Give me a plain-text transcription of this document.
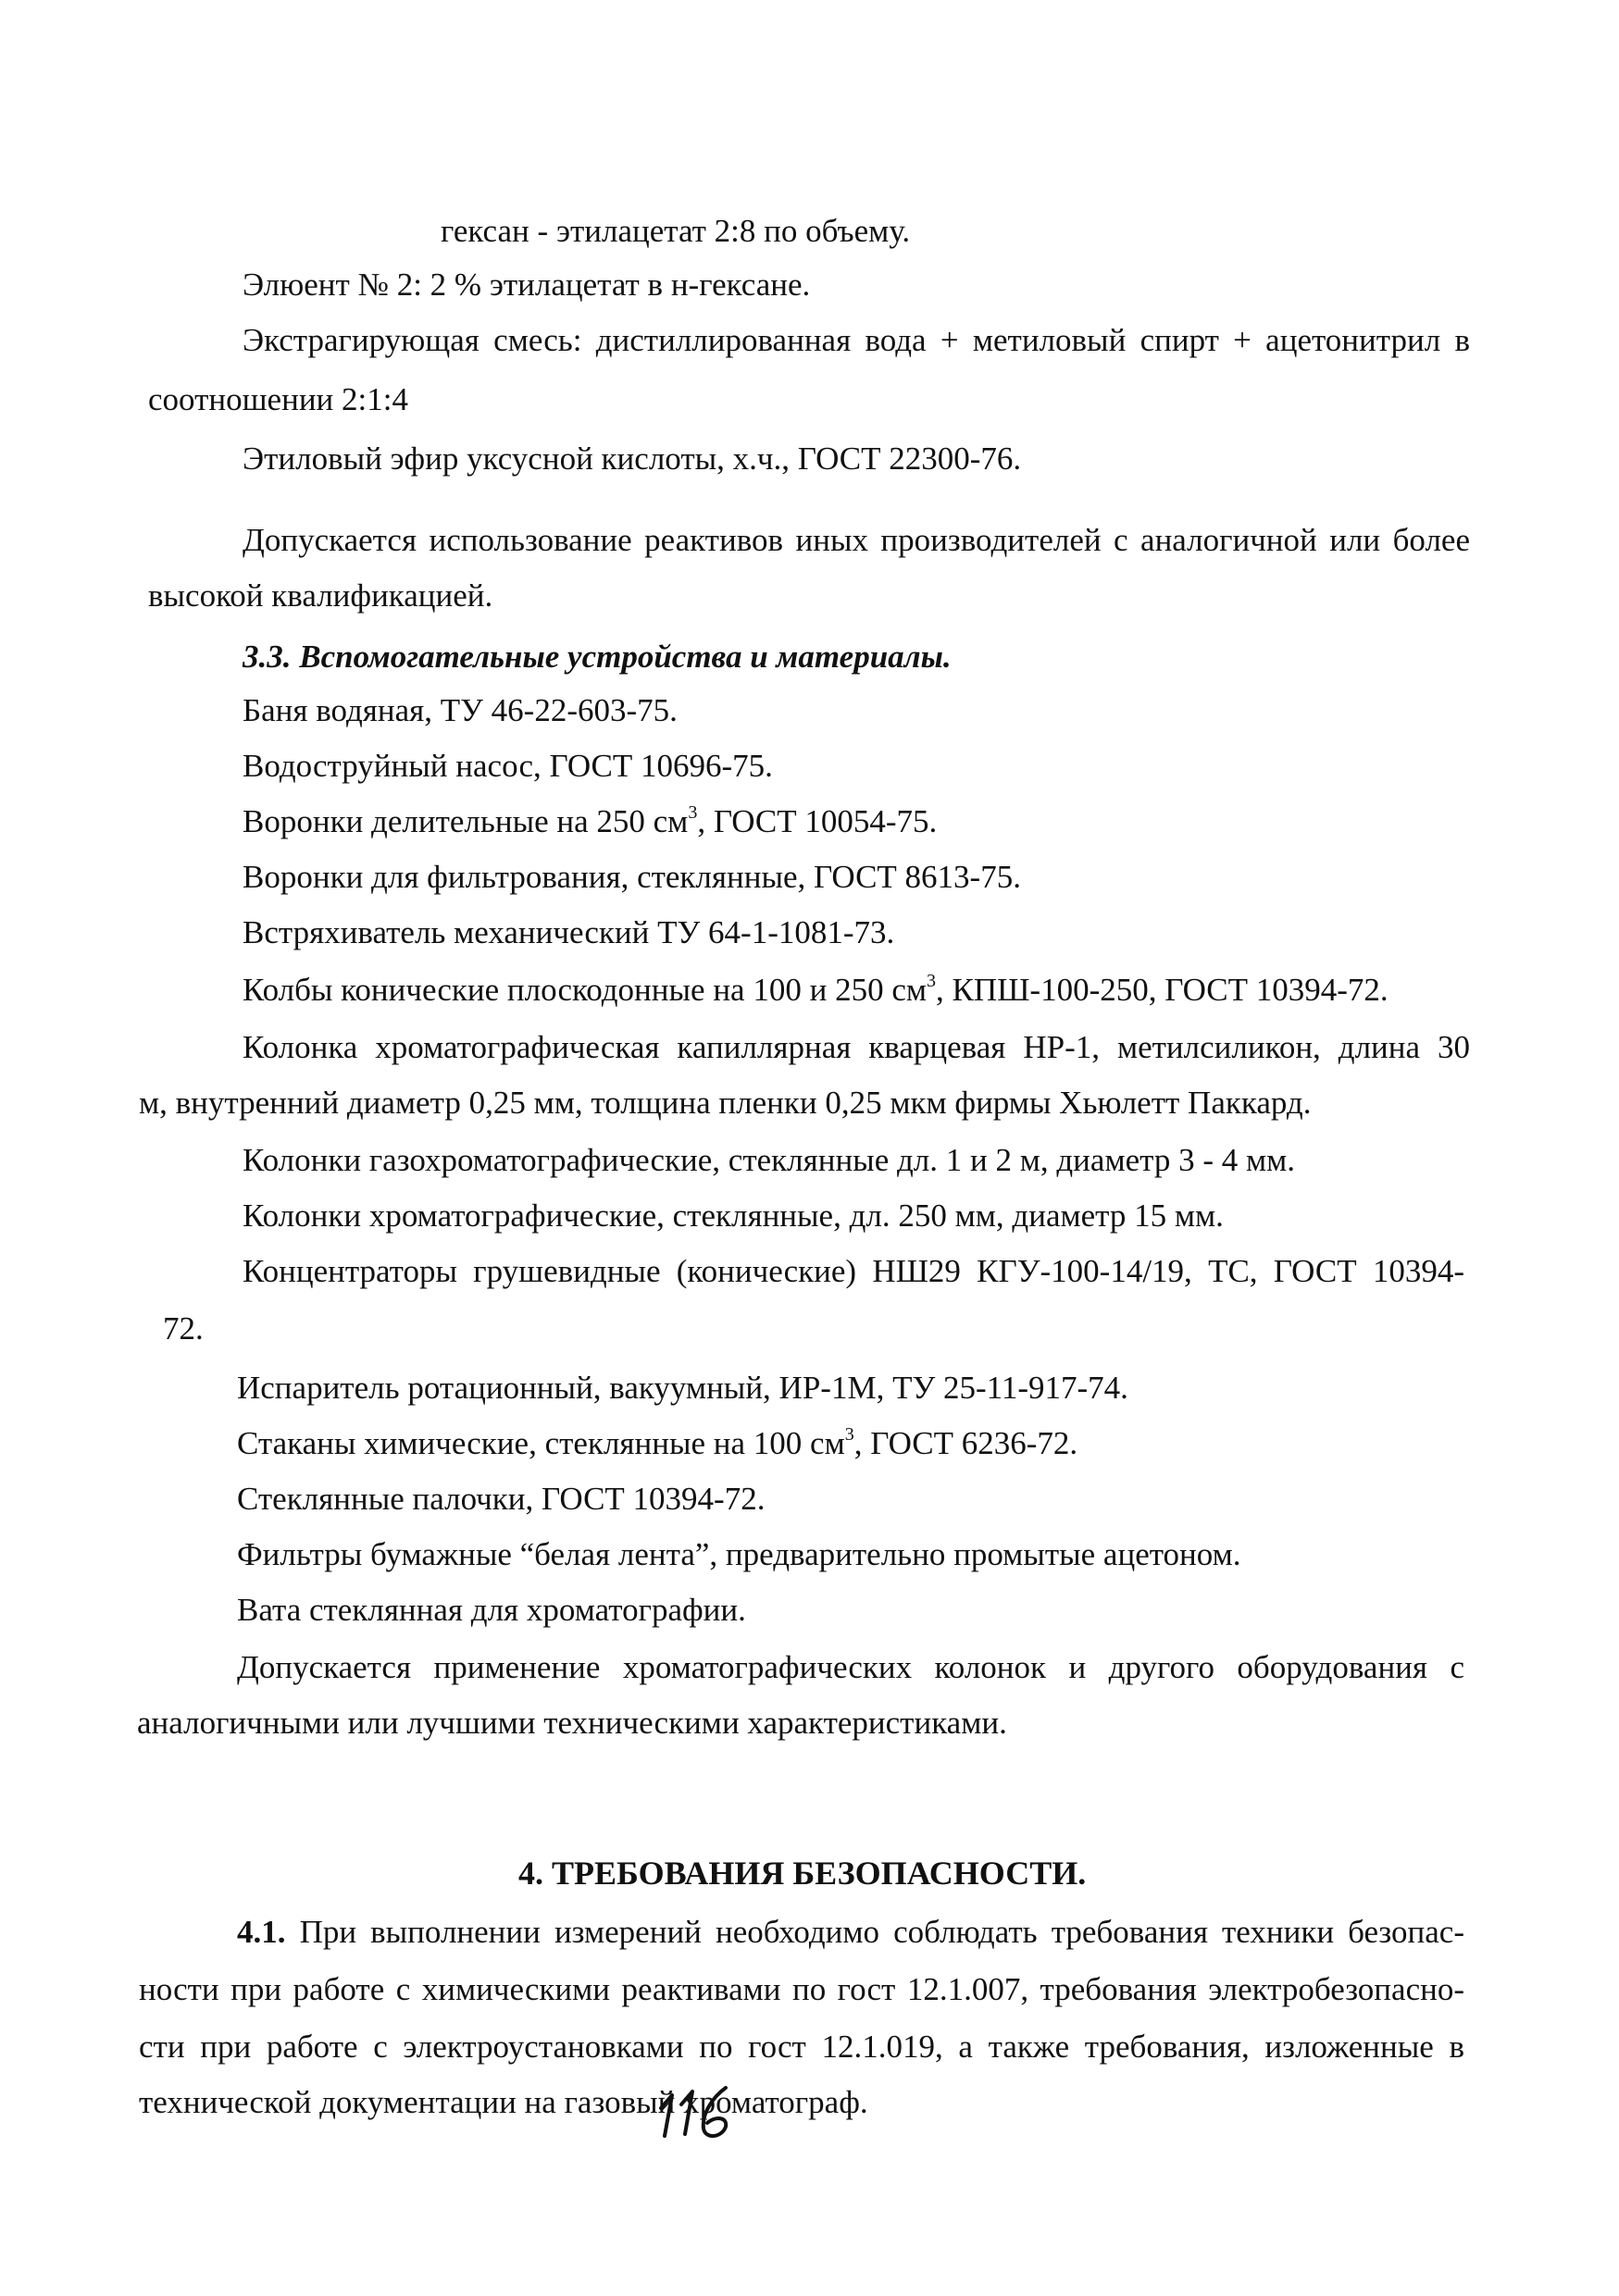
гексан - этилацетат 2:8 по объему.
Элюент № 2: 2 % этилацетат в н-гексане.
Экстрагирующая смесь: дистиллированная вода + метиловый спирт + ацетонитрил в
соотношении 2:1:4
Этиловый эфир уксусной кислоты, х.ч., ГОСТ 22300-76.
Допускается использование реактивов иных производителей с аналогичной или более
высокой квалификацией.
3.3. Вспомогательные устройства и материалы.
Баня водяная, ТУ 46-22-603-75.
Водоструйный насос, ГОСТ 10696-75.
Воронки делительные на 250 $см^3$, ГОСТ 10054-75.
Воронки для фильтрования, стеклянные, ГОСТ 8613-75.
Встряхиватель механический ТУ 64-1-1081-73.
Колбы конические плоскодонные на 100 и 250 $см^3$, КПШ-100-250, ГОСТ 10394-72.
Колонка хроматографическая капиллярная кварцевая НР-1, метилсиликон, длина 30
м, внутренний диаметр 0,25 мм, толщина пленки 0,25 мкм фирмы Хьюлетт Паккард.
Колонки газохроматографические, стеклянные дл. 1 и 2 м, диаметр 3 - 4 мм.
Колонки хроматографические, стеклянные, дл. 250 мм, диаметр 15 мм.
Концентраторы грушевидные (конические) НШ29 КГУ-100-14/19, ТС, ГОСТ 10394-
72.
Испаритель ротационный, вакуумный, ИР-1М, ТУ 25-11-917-74.
Стаканы химические, стеклянные на 100 $см^3$, ГОСТ 6236-72.
Стеклянные палочки, ГОСТ 10394-72.
Фильтры бумажные “белая лента”, предварительно промытые ацетоном.
Вата стеклянная для хроматографии.
Допускается применение хроматографических колонок и другого оборудования с
аналогичными или лучшими техническими характеристиками.
4. ТРЕБОВАНИЯ БЕЗОПАСНОСТИ.
4.1. При выполнении измерений необходимо соблюдать требования техники безопас-
ности при работе с химическими реактивами по гост 12.1.007, требования электробезопасно-
сти при работе с электроустановками по гост 12.1.019, а также требования, изложенные в
технической документации на газовый хроматограф.
